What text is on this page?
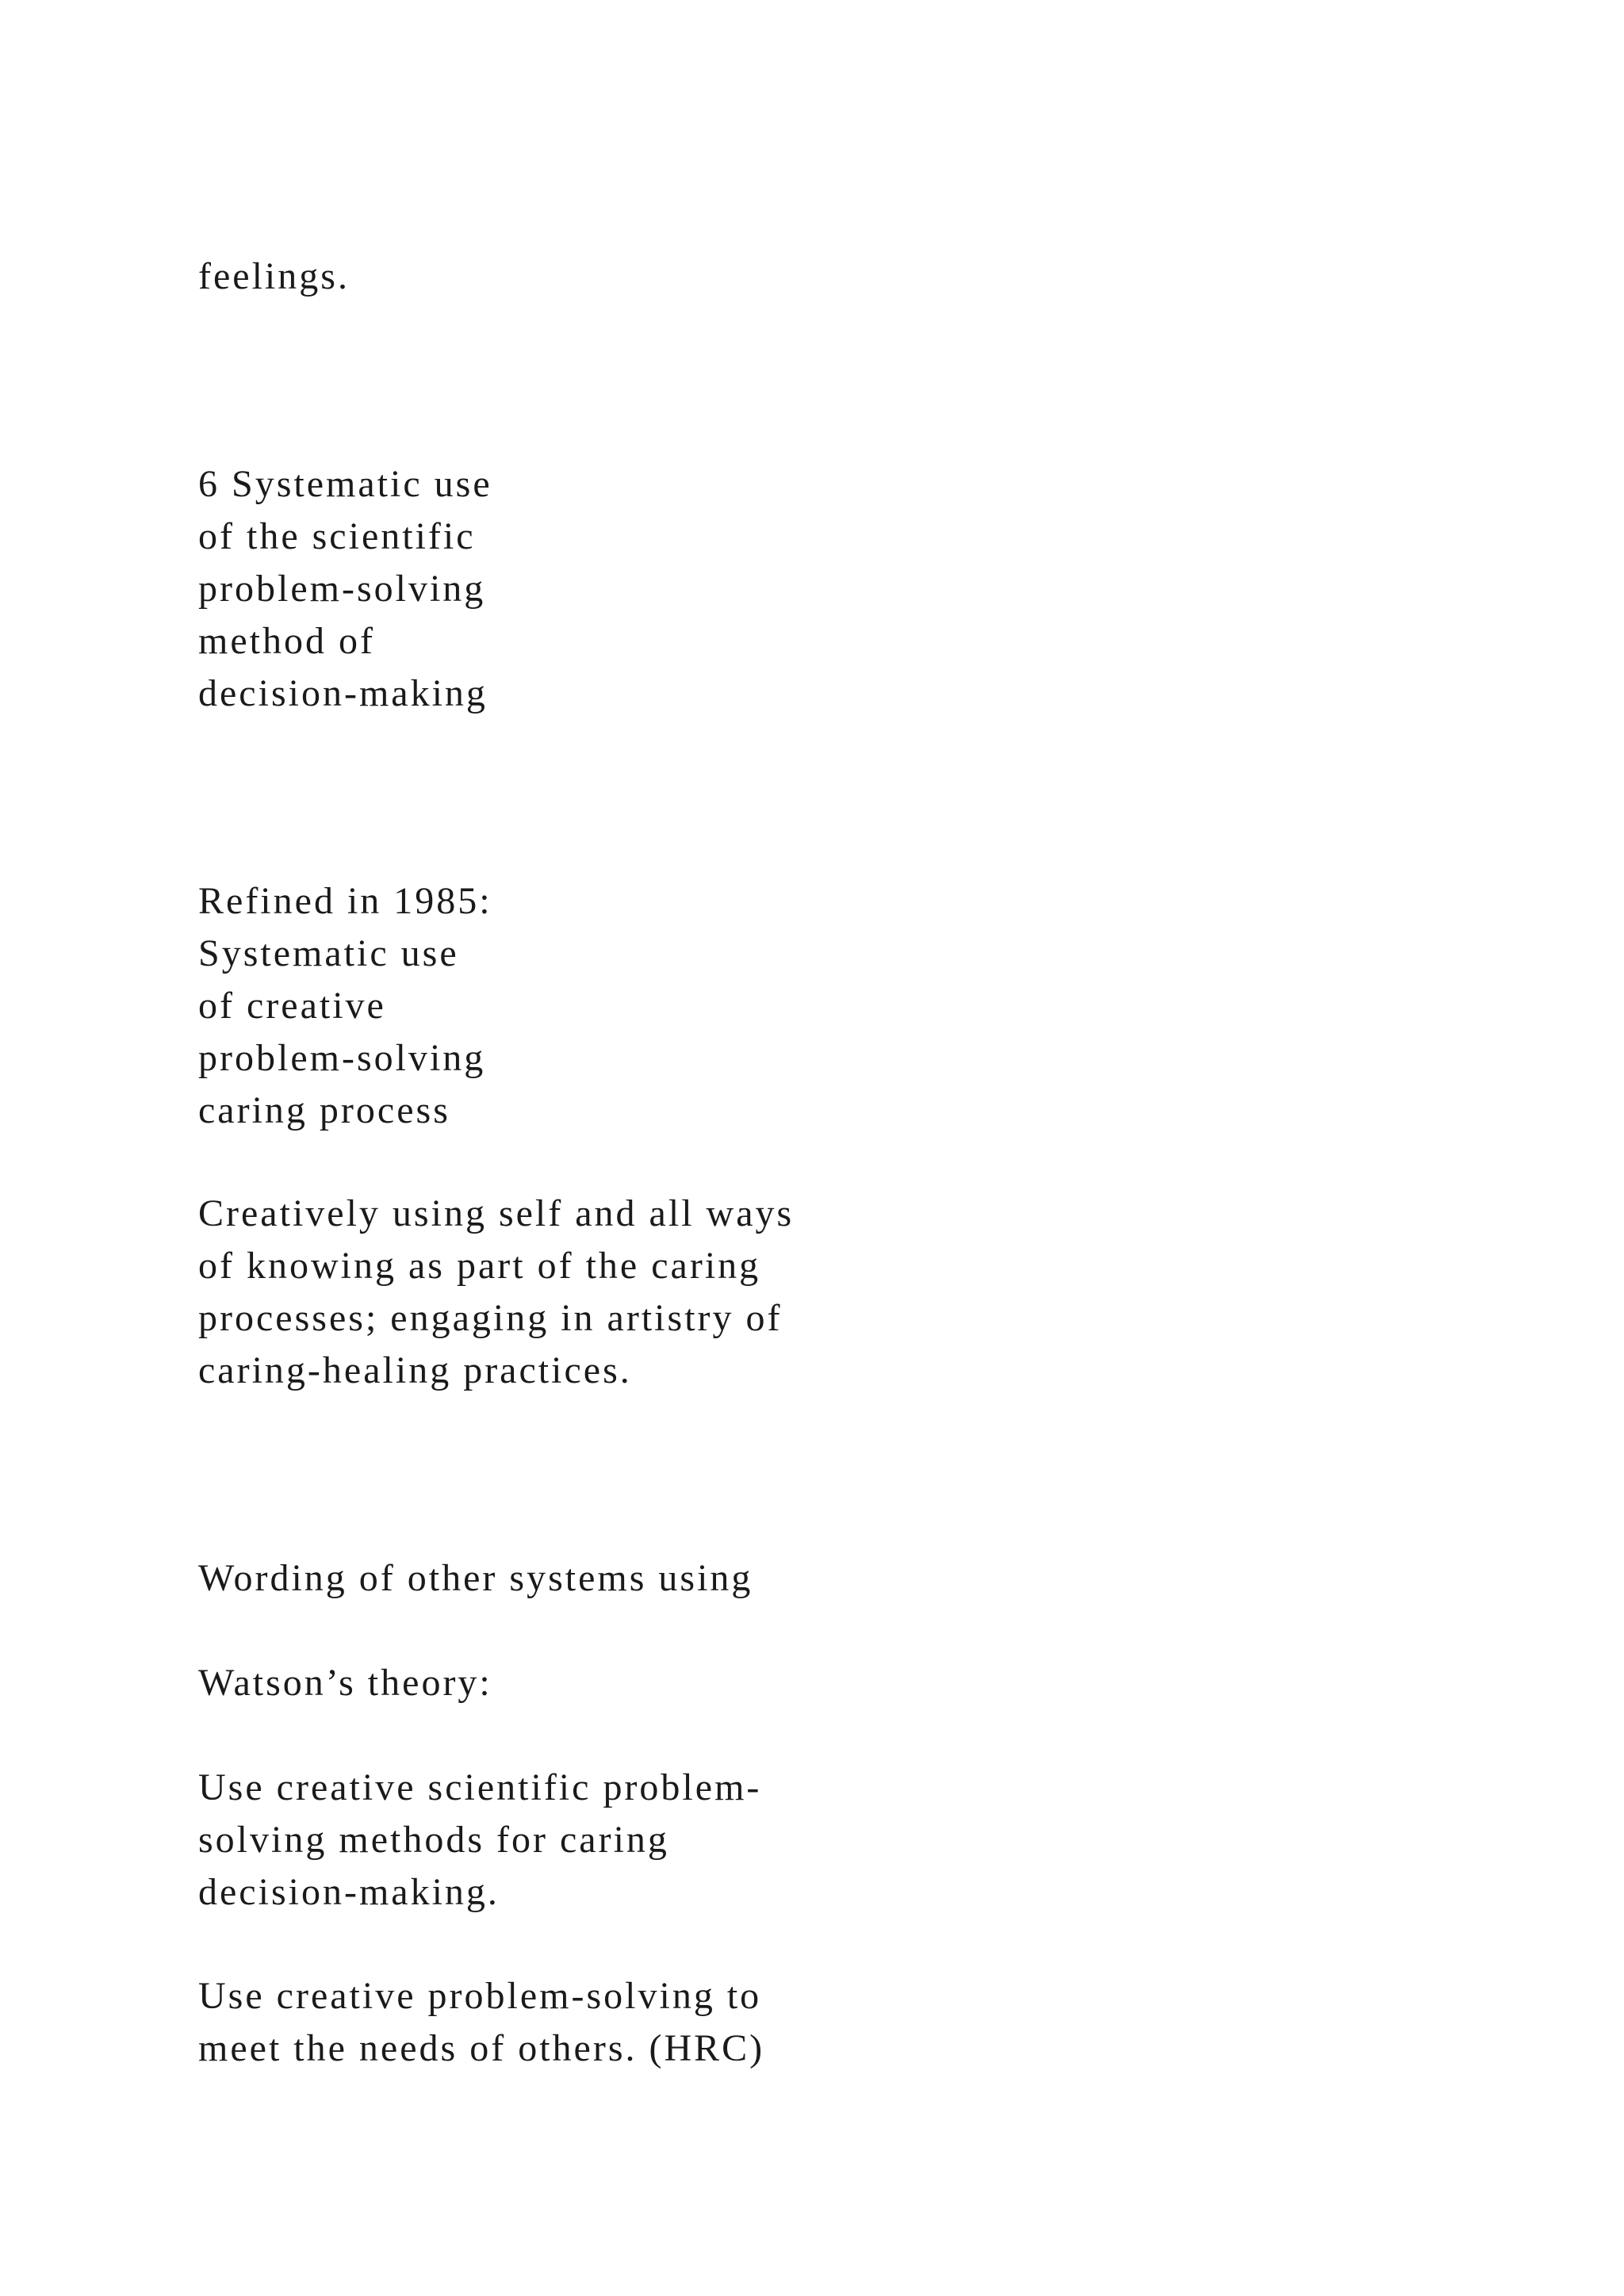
feelings.

6 Systematic use
of the scientific
problem-solving
method of
decision-making

Refined in 1985:
Systematic use
of creative
problem-solving
caring process

Creatively using self and all ways
of knowing as part of the caring
processes; engaging in artistry of
caring-healing practices.

Wording of other systems using

Watson’s theory:

Use creative scientific problem-
solving methods for caring
decision-making.

Use creative problem-solving to
meet the needs of others. (HRC)
